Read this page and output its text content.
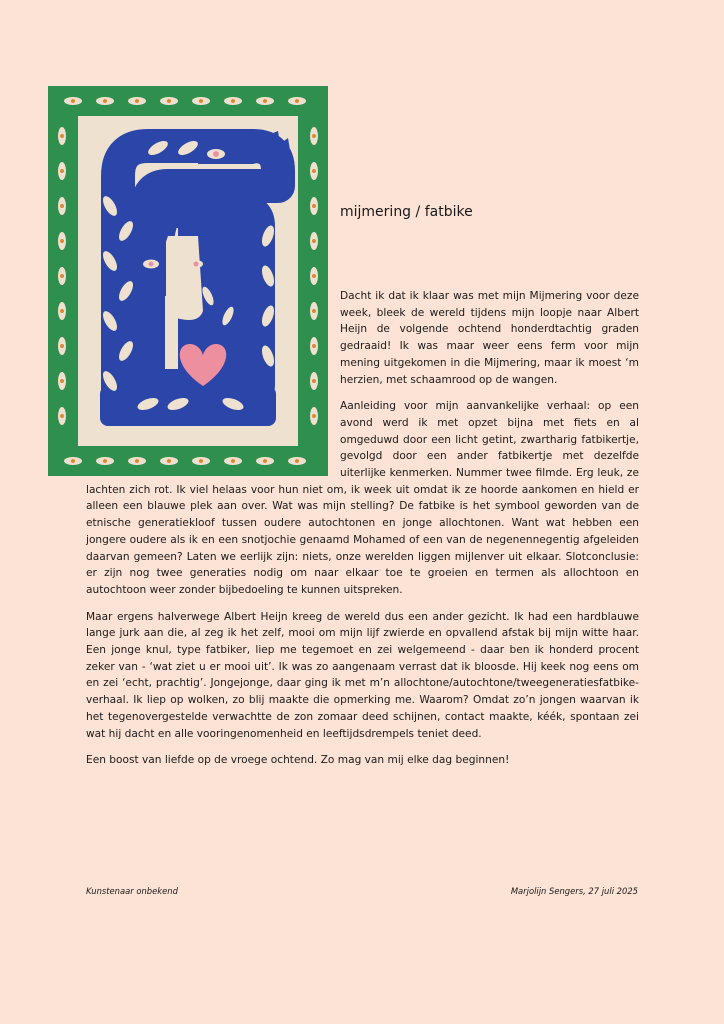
mijmering / fatbike

Dacht ik dat ik klaar was met mijn Mijmering voor deze week, bleek de wereld tijdens mijn loopje naar Albert Heijn de volgende ochtend honderdtachtig graden gedraaid! Ik was maar weer eens ferm voor mijn mening uitgekomen in die Mijmering, maar ik moest ‘m herzien, met schaamrood op de wangen.

Aanleiding voor mijn aanvankelijke verhaal: op een avond werd ik met opzet bijna met fiets en al omgeduwd door een licht getint, zwartharig fatbikertje, gevolgd door een ander fatbikertje met dezelfde uiterlijke kenmerken. Nummer twee filmde. Erg leuk, ze lachten zich rot. Ik viel helaas voor hun niet om, ik week uit omdat ik ze hoorde aankomen en hield er alleen een blauwe plek aan over. Wat was mijn stelling? De fatbike is het symbool geworden van de etnische generatiekloof tussen oudere autochtonen en jonge allochtonen. Want wat hebben een jongere oudere als ik en een snotjochie genaamd Mohamed of een van de negenennegentig afgeleiden daarvan gemeen? Laten we eerlijk zijn: niets, onze werelden liggen mijlenver uit elkaar. Slotconclusie: er zijn nog twee generaties nodig om naar elkaar toe te groeien en termen als allochtoon en autochtoon weer zonder bijbedoeling te kunnen uitspreken.

Maar ergens halverwege Albert Heijn kreeg de wereld dus een ander gezicht. Ik had een hardblauwe lange jurk aan die, al zeg ik het zelf, mooi om mijn lijf zwierde en opvallend afstak bij mijn witte haar. Een jonge knul, type fatbiker, liep me tegemoet en zei welgemeend - daar ben ik honderd procent zeker van - ‘wat ziet u er mooi uit’. Ik was zo aangenaam verrast dat ik bloosde. Hij keek nog eens om en zei ‘echt, prachtig’. Jongejonge, daar ging ik met m’n allochtone/autochtone/tweegeneratiesfatbike-verhaal. Ik liep op wolken, zo blij maakte die opmerking me. Waarom? Omdat zo’n jongen waarvan ik het tegenovergestelde verwachtte de zon zomaar deed schijnen, contact maakte, kéék, spontaan zei wat hij dacht en alle vooringenomenheid en leeftijdsdrempels teniet deed.

Een boost van liefde op de vroege ochtend. Zo mag van mij elke dag beginnen!

Kunstenaar onbekend	Marjolijn Sengers, 27 juli 2025
